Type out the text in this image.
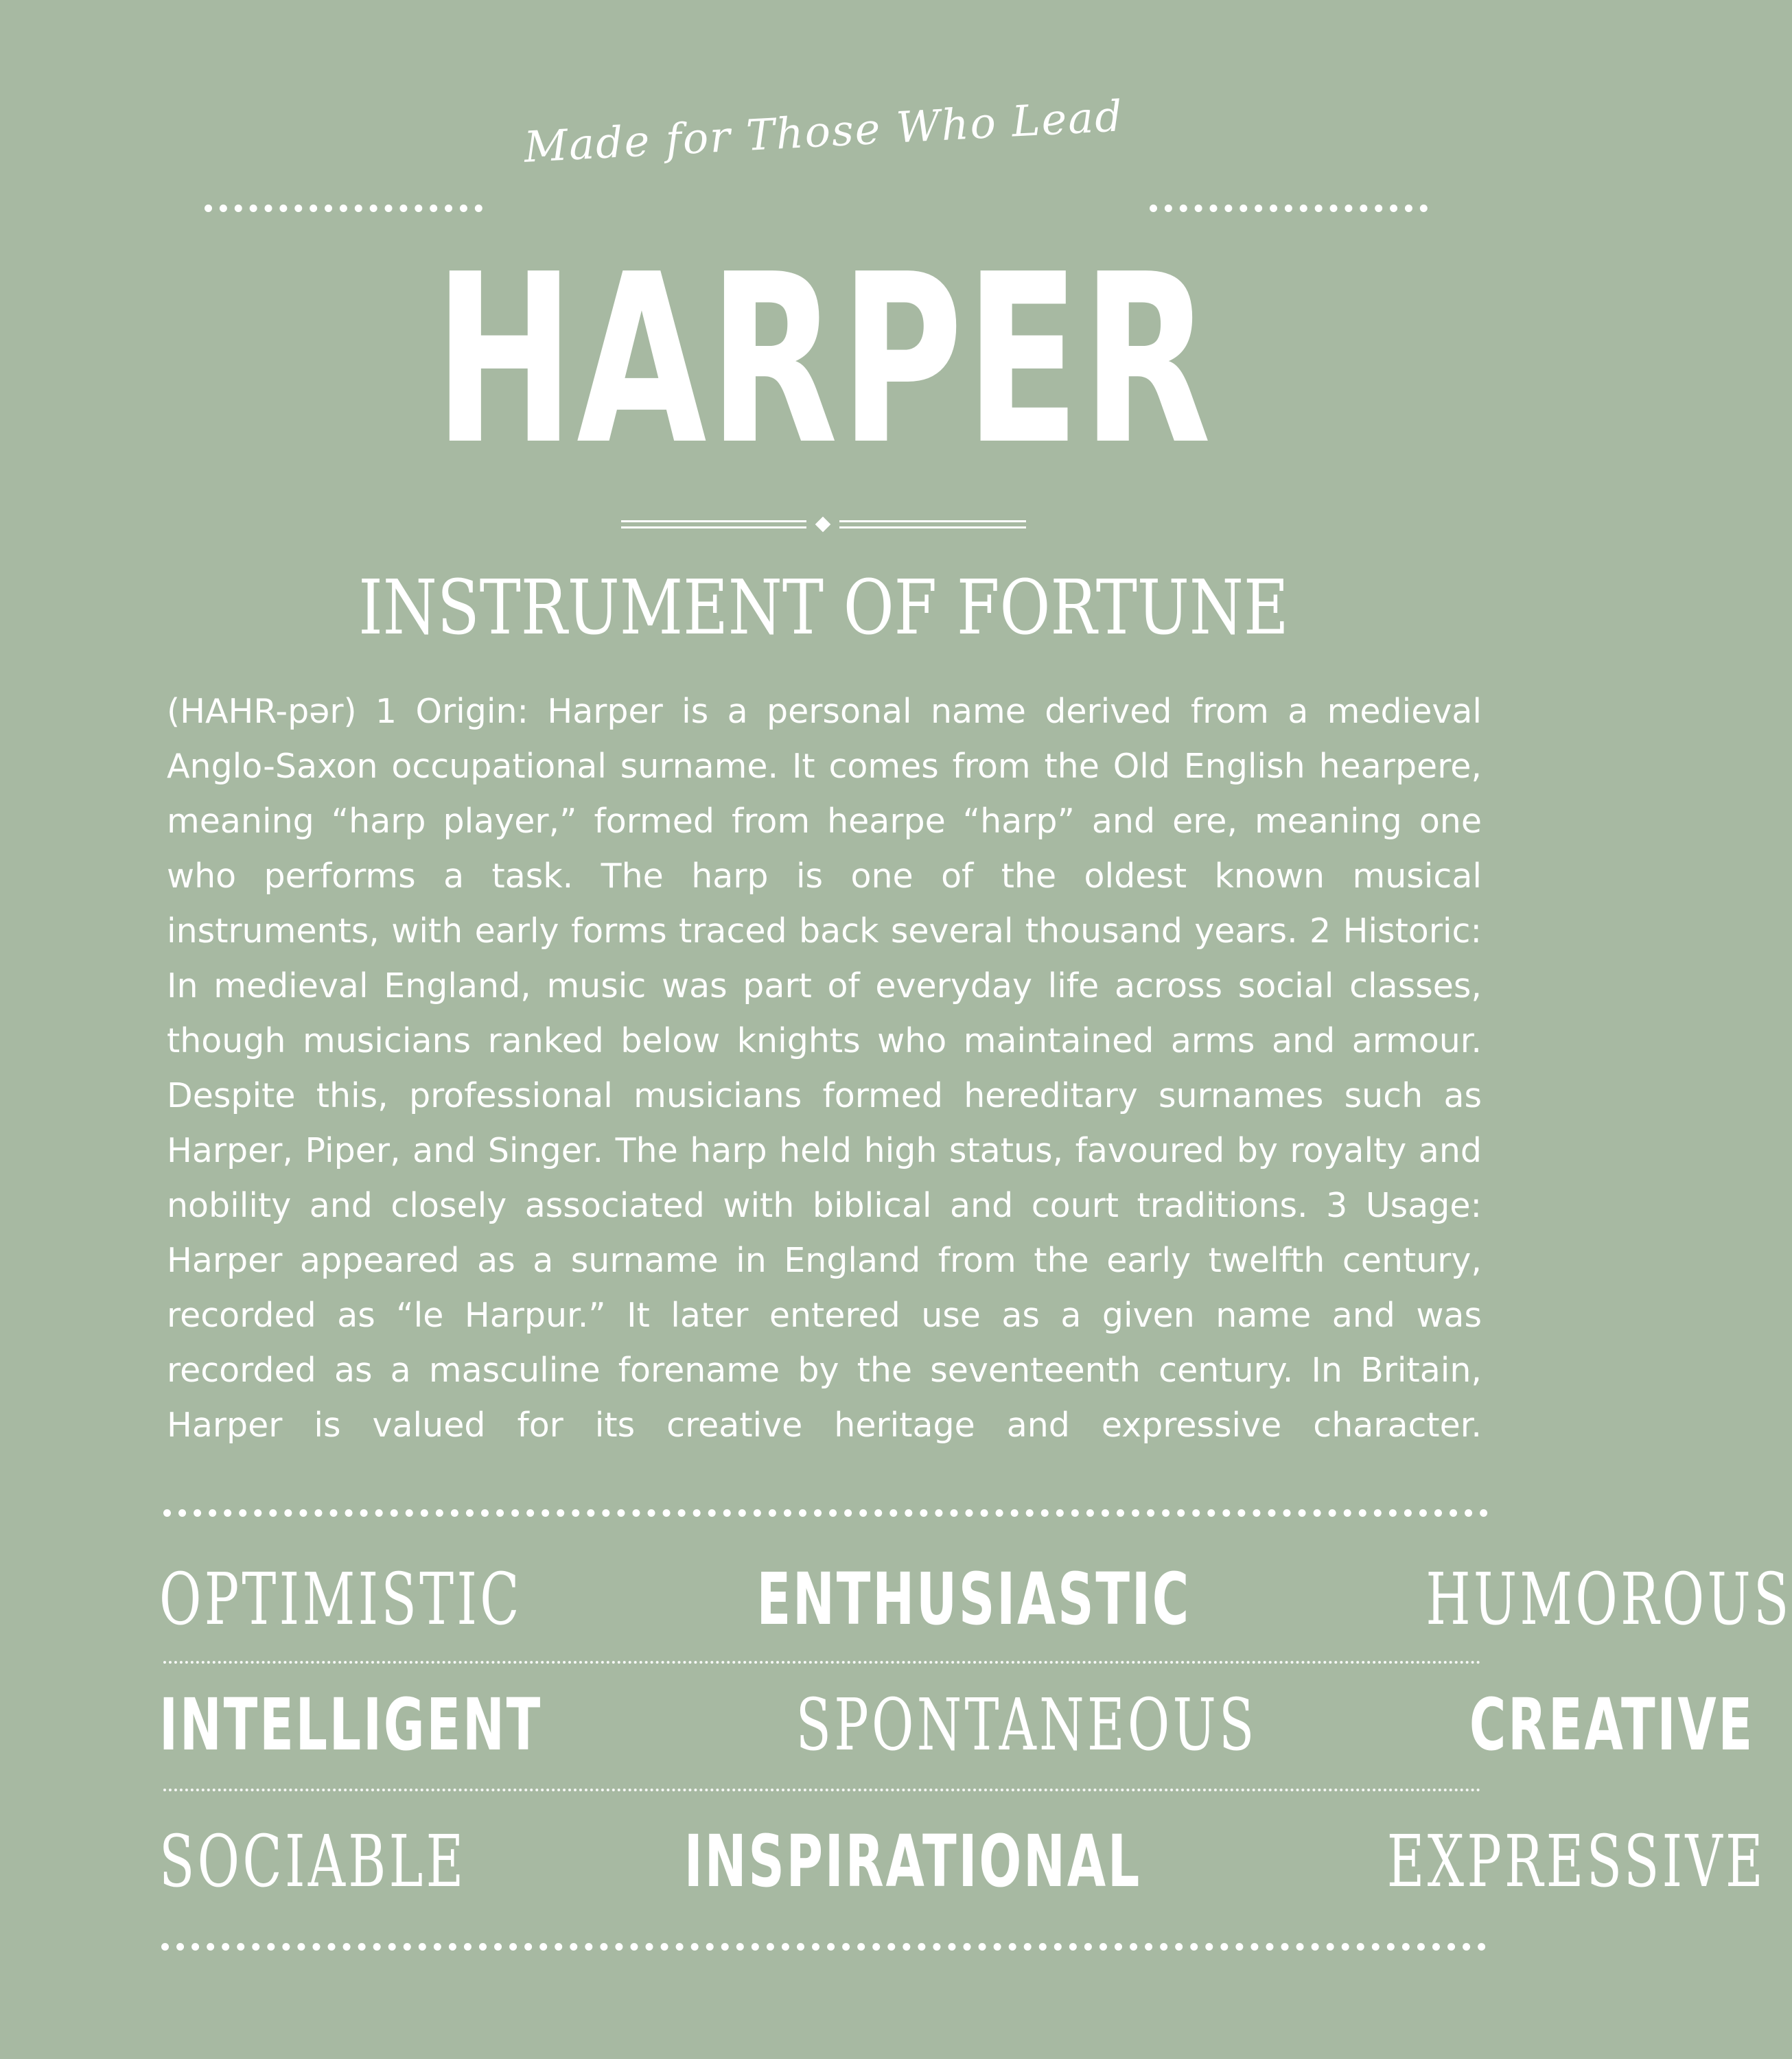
Made for Those Who Lead
HARPER
INSTRUMENT OF FORTUNE

(HAHR-pər) 1 Origin: Harper is a personal name derived from a medieval Anglo-Saxon occupational surname. It comes from the Old English hearpere, meaning “harp player,” formed from hearpe “harp” and ere, meaning one who performs a task. The harp is one of the oldest known musical instruments, with early forms traced back several thousand years. 2 Historic: In medieval England, music was part of everyday life across social classes, though musicians ranked below knights who maintained arms and armour. Despite this, professional musicians formed hereditary surnames such as Harper, Piper, and Singer. The harp held high status, favoured by royalty and nobility and closely associated with biblical and court traditions. 3 Usage: Harper appeared as a surname in England from the early twelfth century, recorded as “le Harpur.” It later entered use as a given name and was recorded as a masculine forename by the seventeenth century. In Britain, Harper is valued for its creative heritage and expressive character.

OPTIMISTIC	ENTHUSIASTIC	HUMOROUS
INTELLIGENT	SPONTANEOUS	CREATIVE
SOCIABLE	INSPIRATIONAL	EXPRESSIVE
